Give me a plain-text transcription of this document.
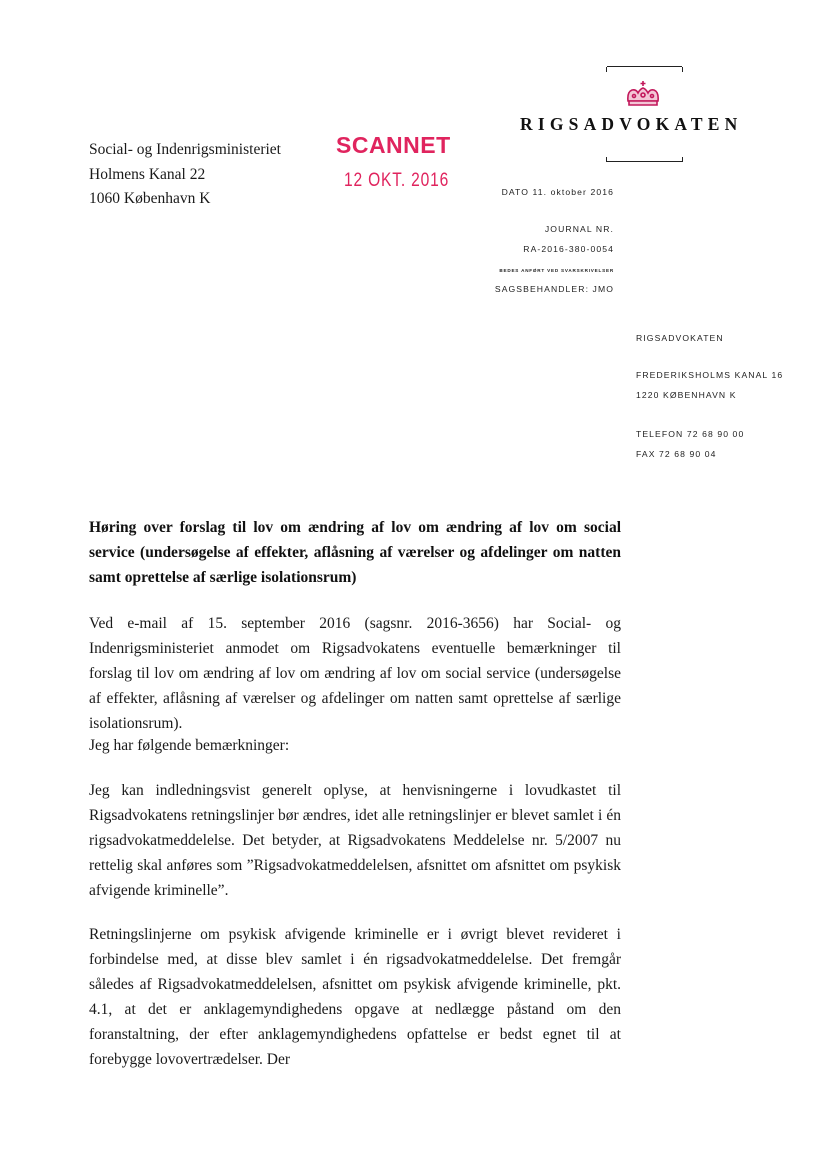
RIGSADVOKATEN
Social- og Indenrigsministeriet
Holmens Kanal 22
1060 København K
SCANNET
12 OKT. 2016
DATO 11. oktober 2016
JOURNAL NR.
RA-2016-380-0054
BEDES ANFØRT VED SVARSKRIVELSER
SAGSBEHANDLER: JMO
RIGSADVOKATEN
FREDERIKSHOLMS KANAL 16
1220 KØBENHAVN K
TELEFON 72 68 90 00
FAX 72 68 90 04
Høring over forslag til lov om ændring af lov om ændring af lov om social service (undersøgelse af effekter, aflåsning af værelser og afdelinger om natten samt oprettelse af særlige isolationsrum)
Ved e-mail af 15. september 2016 (sagsnr. 2016-3656) har Social- og Indenrigsministeriet anmodet om Rigsadvokatens eventuelle bemærkninger til forslag til lov om ændring af lov om ændring af lov om social service (undersøgelse af effekter, aflåsning af værelser og afdelinger om natten samt oprettelse af særlige isolationsrum).
Jeg har følgende bemærkninger:
Jeg kan indledningsvist generelt oplyse, at henvisningerne i lovudkastet til Rigsadvokatens retningslinjer bør ændres, idet alle retningslinjer er blevet samlet i én rigsadvokatmeddelelse. Det betyder, at Rigsadvokatens Meddelelse nr. 5/2007 nu rettelig skal anføres som ”Rigsadvokatmeddelelsen, afsnittet om afsnittet om psykisk afvigende kriminelle”.
Retningslinjerne om psykisk afvigende kriminelle er i øvrigt blevet revideret i forbindelse med, at disse blev samlet i én rigsadvokatmeddelelse. Det fremgår således af Rigsadvokatmeddelelsen, afsnittet om psykisk afvigende kriminelle, pkt. 4.1, at det er anklagemyndighedens opgave at nedlægge påstand om den foranstaltning, der efter anklagemyndighedens opfattelse er bedst egnet til at forebygge lovovertrædelser. Der
